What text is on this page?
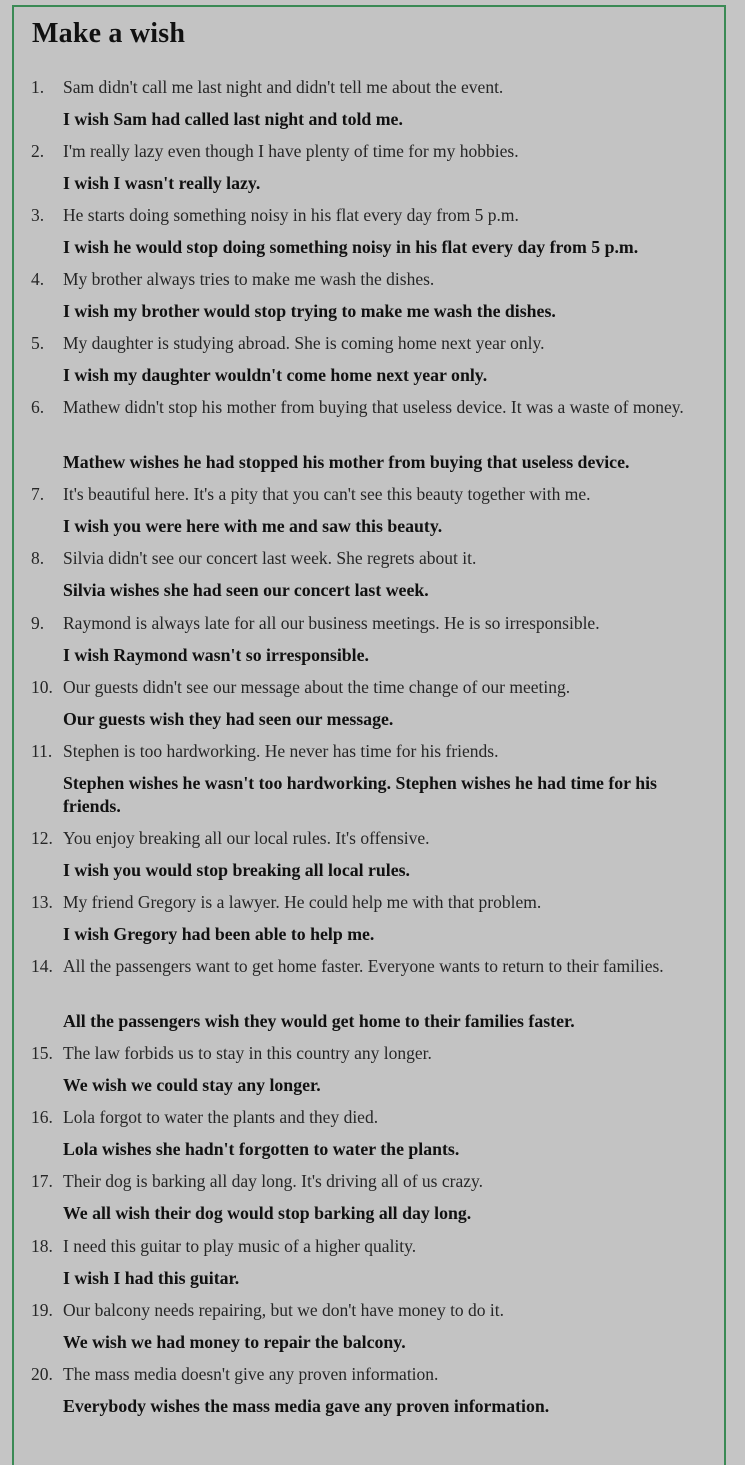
Make a wish
1. Sam didn't call me last night and didn't tell me about the event.
I wish Sam had called last night and told me.
2. I'm really lazy even though I have plenty of time for my hobbies.
I wish I wasn't really lazy.
3. He starts doing something noisy in his flat every day from 5 p.m.
I wish he would stop doing something noisy in his flat every day from 5 p.m.
4. My brother always tries to make me wash the dishes.
I wish my brother would stop trying to make me wash the dishes.
5. My daughter is studying abroad. She is coming home next year only.
I wish my daughter wouldn't come home next year only.
6. Mathew didn't stop his mother from buying that useless device. It was a waste of money.
Mathew wishes he had stopped his mother from buying that useless device.
7. It's beautiful here. It's a pity that you can't see this beauty together with me.
I wish you were here with me and saw this beauty.
8. Silvia didn't see our concert last week. She regrets about it.
Silvia wishes she had seen our concert last week.
9. Raymond is always late for all our business meetings. He is so irresponsible.
I wish Raymond wasn't so irresponsible.
10. Our guests didn't see our message about the time change of our meeting.
Our guests wish they had seen our message.
11. Stephen is too hardworking. He never has time for his friends.
Stephen wishes he wasn't too hardworking. Stephen wishes he had time for his friends.
12. You enjoy breaking all our local rules. It's offensive.
I wish you would stop breaking all local rules.
13. My friend Gregory is a lawyer. He could help me with that problem.
I wish Gregory had been able to help me.
14. All the passengers want to get home faster. Everyone wants to return to their families.
All the passengers wish they would get home to their families faster.
15. The law forbids us to stay in this country any longer.
We wish we could stay any longer.
16. Lola forgot to water the plants and they died.
Lola wishes she hadn't forgotten to water the plants.
17. Their dog is barking all day long. It's driving all of us crazy.
We all wish their dog would stop barking all day long.
18. I need this guitar to play music of a higher quality.
I wish I had this guitar.
19. Our balcony needs repairing, but we don't have money to do it.
We wish we had money to repair the balcony.
20. The mass media doesn't give any proven information.
Everybody wishes the mass media gave any proven information.
